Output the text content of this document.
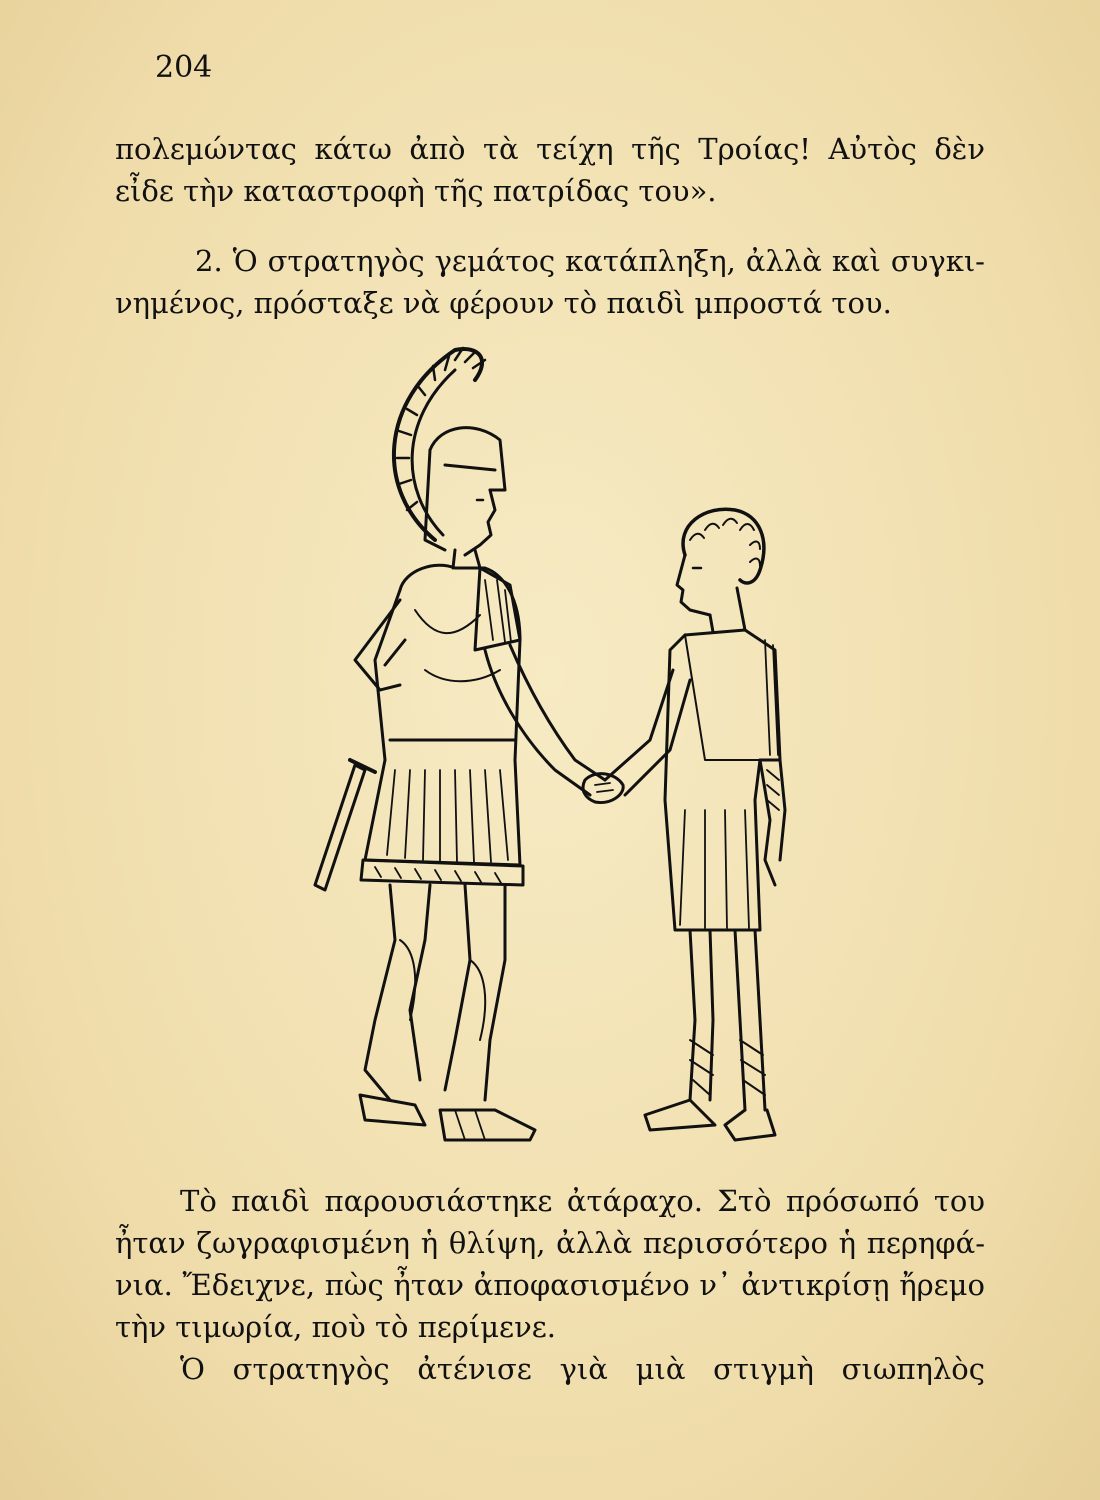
204
πολεμώντας κάτω ἀπὸ τὰ τείχη τῆς Τροίας! Αὐτὸς δὲν
εἶδε τὴν καταστροφὴ τῆς πατρίδας του».
2. Ὁ στρατηγὸς γεμάτος κατάπληξη, ἀλλὰ καὶ συγκι-
νημένος, πρόσταξε νὰ φέρουν τὸ παιδὶ μπροστά του.
Τὸ παιδὶ παρουσιάστηκε ἀτάραχο. Στὸ πρόσωπό του
ἦταν ζωγραφισμένη ἡ θλίψη, ἀλλὰ περισσότερο ἡ περηφά-
νια. Ἔδειχνε, πὼς ἦταν ἀποφασισμένο ν᾽ ἀντικρίσῃ ἤρεμο
τὴν τιμωρία, ποὺ τὸ περίμενε.
Ὁ στρατηγὸς ἀτένισε γιὰ μιὰ στιγμὴ σιωπηλὸς
